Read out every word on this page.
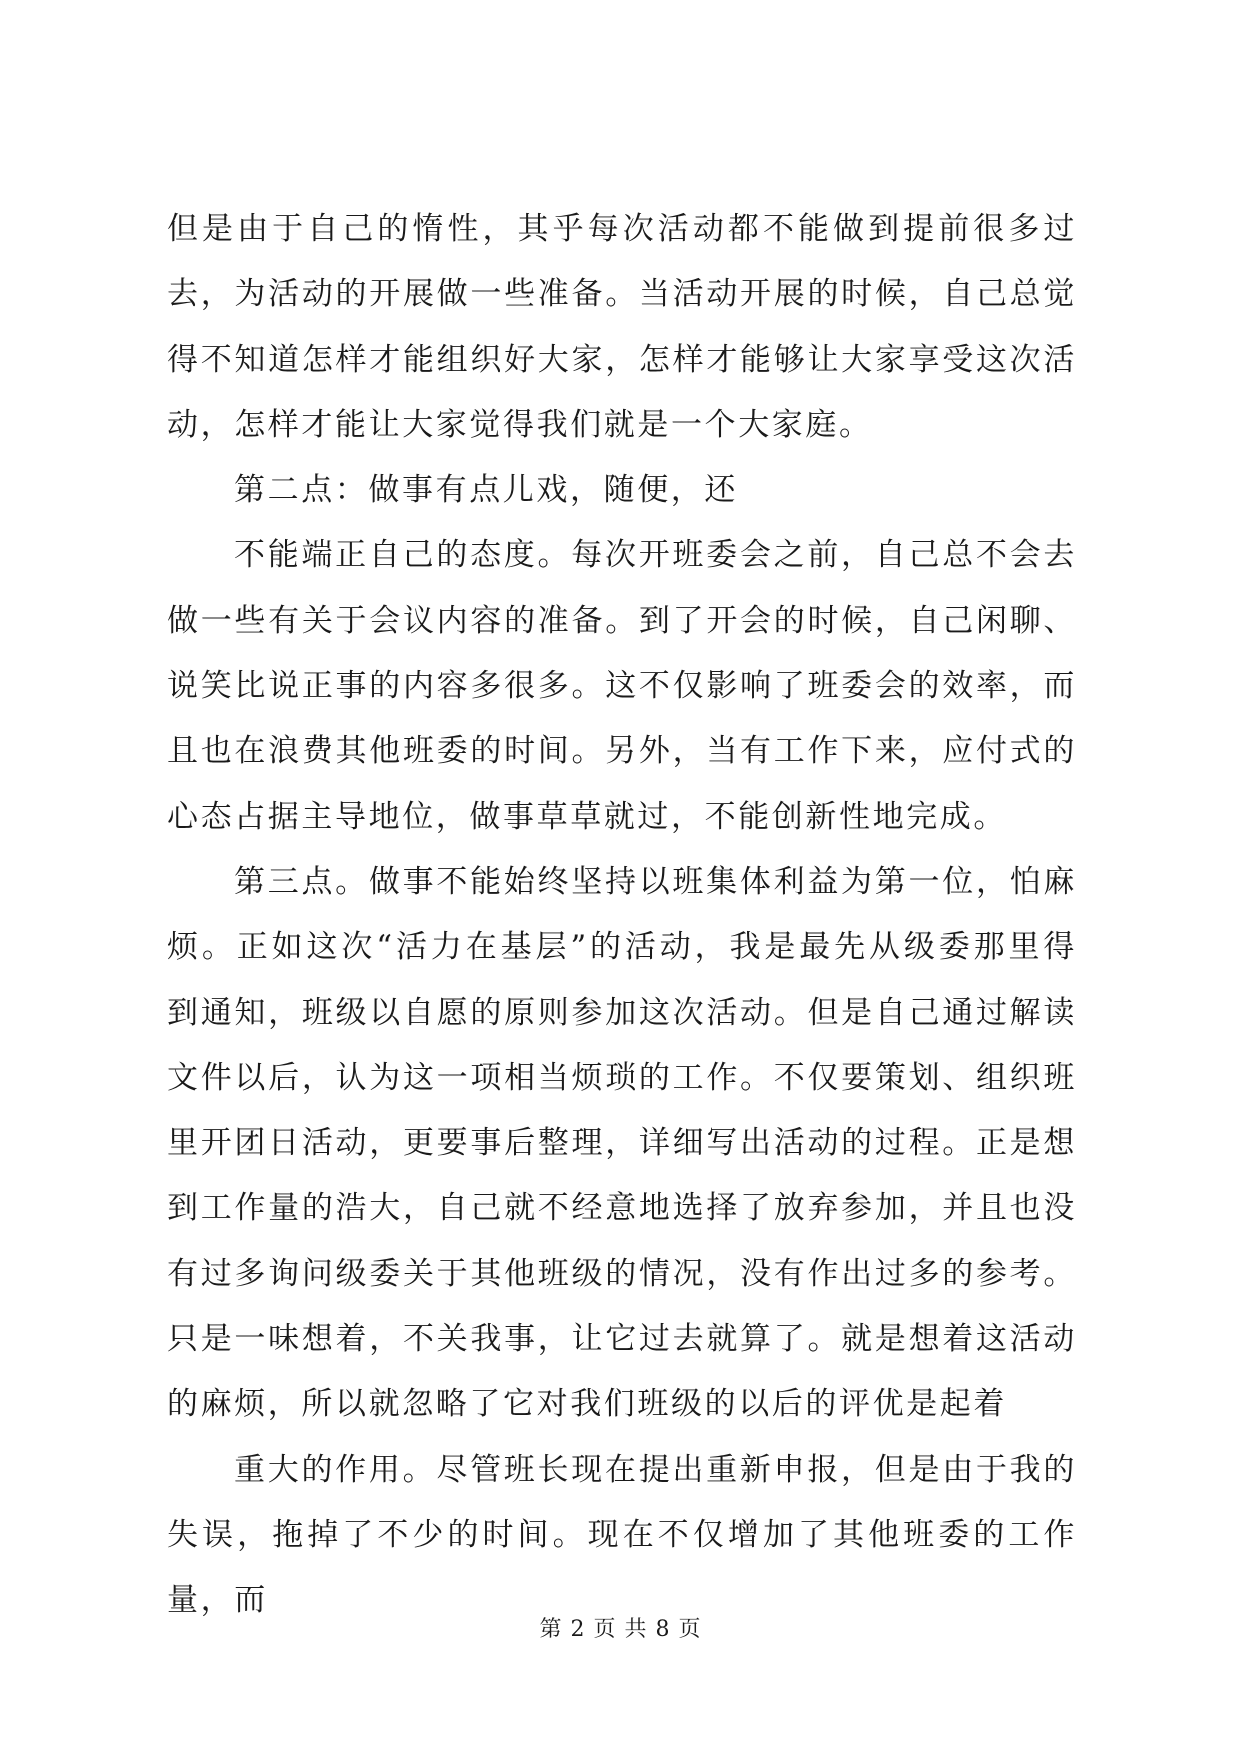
但是由于自己的惰性，其乎每次活动都不能做到提前很多过去，为活动的开展做一些准备。当活动开展的时候，自己总觉得不知道怎样才能组织好大家，怎样才能够让大家享受这次活动，怎样才能让大家觉得我们就是一个大家庭。

第二点：做事有点儿戏，随便，还

不能端正自己的态度。每次开班委会之前，自己总不会去做一些有关于会议内容的准备。到了开会的时候，自己闲聊、说笑比说正事的内容多很多。这不仅影响了班委会的效率，而且也在浪费其他班委的时间。另外，当有工作下来，应付式的心态占据主导地位，做事草草就过，不能创新性地完成。

第三点。做事不能始终坚持以班集体利益为第一位，怕麻烦。正如这次“活力在基层”的活动，我是最先从级委那里得到通知，班级以自愿的原则参加这次活动。但是自己通过解读文件以后，认为这一项相当烦琐的工作。不仅要策划、组织班里开团日活动，更要事后整理，详细写出活动的过程。正是想到工作量的浩大，自己就不经意地选择了放弃参加，并且也没有过多询问级委关于其他班级的情况，没有作出过多的参考。只是一味想着，不关我事，让它过去就算了。就是想着这活动的麻烦，所以就忽略了它对我们班级的以后的评优是起着

重大的作用。尽管班长现在提出重新申报，但是由于我的失误，拖掉了不少的时间。现在不仅增加了其他班委的工作量，而

第 2 页 共 8 页
